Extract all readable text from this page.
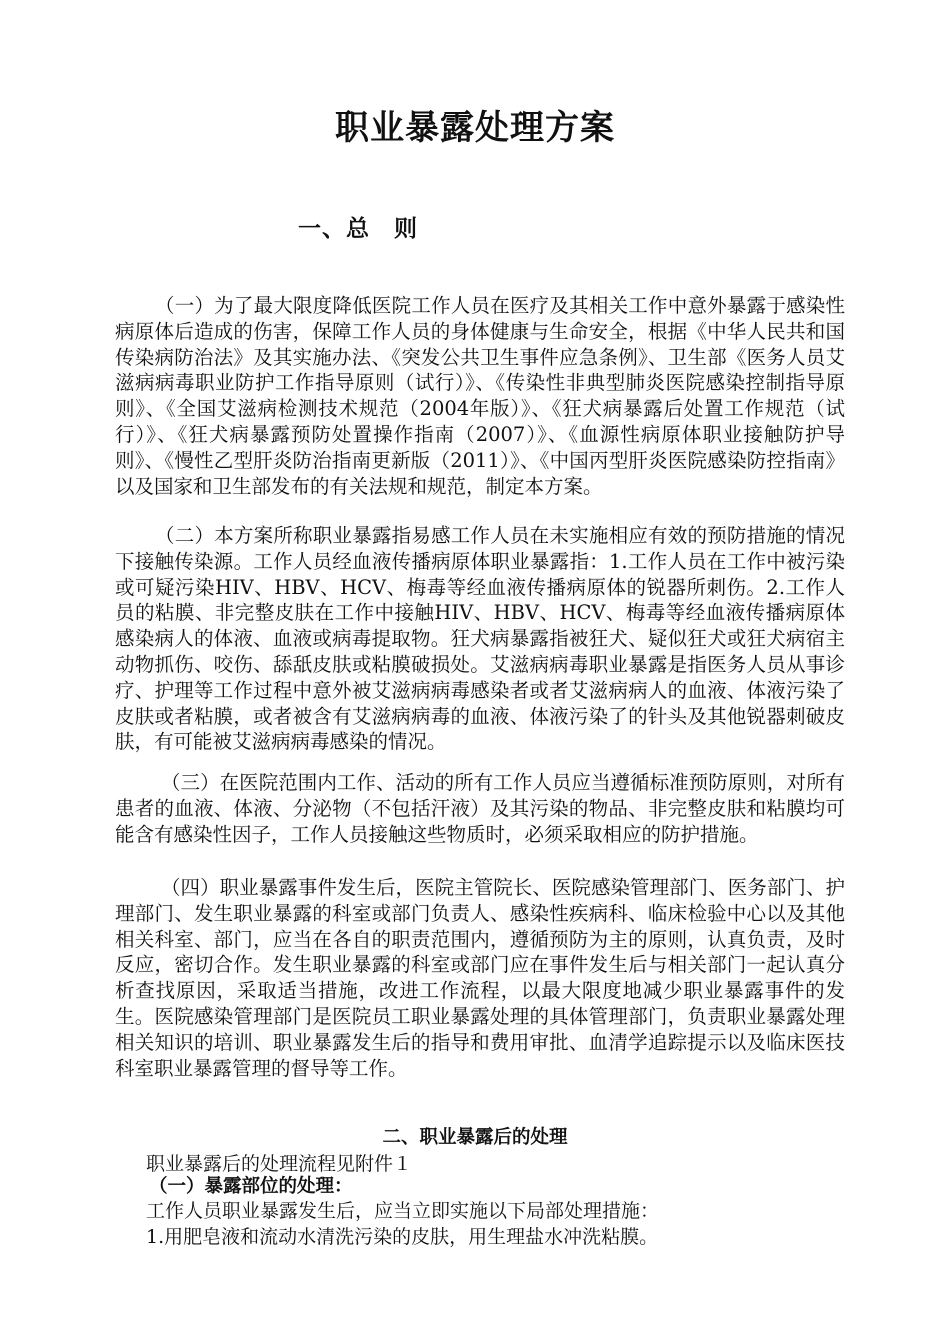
职业暴露处理方案
一、总　则

（一）为了最大限度降低医院工作人员在医疗及其相关工作中意外暴露于感染性病原体后造成的伤害，保障工作人员的身体健康与生命安全，根据《中华人民共和国传染病防治法》及其实施办法、《突发公共卫生事件应急条例》、卫生部《医务人员艾滋病病毒职业防护工作指导原则（试行）》、《传染性非典型肺炎医院感染控制指导原则》、《全国艾滋病检测技术规范（2004年版）》、《狂犬病暴露后处置工作规范（试行）》、《狂犬病暴露预防处置操作指南（2007）》、《血源性病原体职业接触防护导则》、《慢性乙型肝炎防治指南更新版（2011）》、《中国丙型肝炎医院感染防控指南》以及国家和卫生部发布的有关法规和规范，制定本方案。

（二）本方案所称职业暴露指易感工作人员在未实施相应有效的预防措施的情况下接触传染源。工作人员经血液传播病原体职业暴露指：1.工作人员在工作中被污染或可疑污染HIV、HBV、HCV、梅毒等经血液传播病原体的锐器所刺伤。2.工作人员的粘膜、非完整皮肤在工作中接触HIV、HBV、HCV、梅毒等经血液传播病原体感染病人的体液、血液或病毒提取物。狂犬病暴露指被狂犬、疑似狂犬或狂犬病宿主动物抓伤、咬伤、舔舐皮肤或粘膜破损处。艾滋病病毒职业暴露是指医务人员从事诊疗、护理等工作过程中意外被艾滋病病毒感染者或者艾滋病病人的血液、体液污染了皮肤或者粘膜，或者被含有艾滋病病毒的血液、体液污染了的针头及其他锐器刺破皮肤，有可能被艾滋病病毒感染的情况。

（三）在医院范围内工作、活动的所有工作人员应当遵循标准预防原则，对所有患者的血液、体液、分泌物（不包括汗液）及其污染的物品、非完整皮肤和粘膜均可能含有感染性因子，工作人员接触这些物质时，必须采取相应的防护措施。

（四）职业暴露事件发生后，医院主管院长、医院感染管理部门、医务部门、护理部门、发生职业暴露的科室或部门负责人、感染性疾病科、临床检验中心以及其他相关科室、部门，应当在各自的职责范围内，遵循预防为主的原则，认真负责，及时反应，密切合作。发生职业暴露的科室或部门应在事件发生后与相关部门一起认真分析查找原因，采取适当措施，改进工作流程，以最大限度地减少职业暴露事件的发生。医院感染管理部门是医院员工职业暴露处理的具体管理部门，负责职业暴露处理相关知识的培训、职业暴露发生后的指导和费用审批、血清学追踪提示以及临床医技科室职业暴露管理的督导等工作。

二、职业暴露后的处理

职业暴露后的处理流程见附件１

（一）暴露部位的处理：

工作人员职业暴露发生后，应当立即实施以下局部处理措施：

1.用肥皂液和流动水清洗污染的皮肤，用生理盐水冲洗粘膜。
